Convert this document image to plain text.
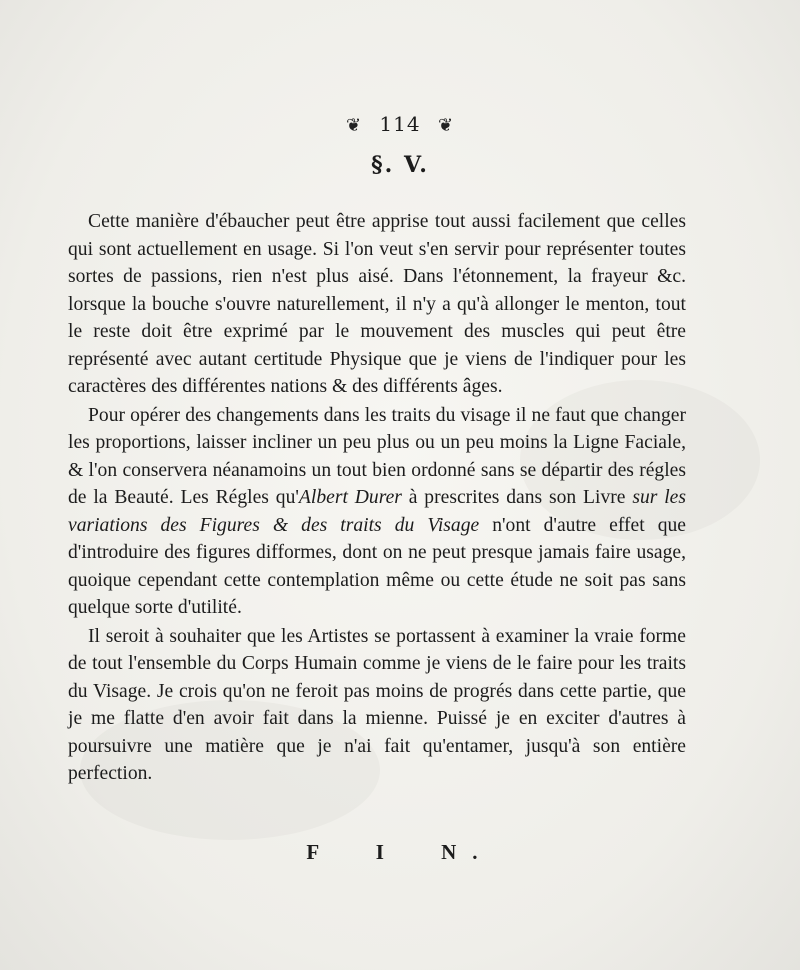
❦ 114 ❦
§. V.

Cette manière d'ébaucher peut être apprise tout aussi facilement que celles qui sont actuellement en usage. Si l'on veut s'en servir pour représenter toutes sortes de passions, rien n'est plus aisé. Dans l'étonnement, la frayeur &c. lorsque la bouche s'ouvre naturellement, il n'y a qu'à allonger le menton, tout le reste doit être exprimé par le mouvement des muscles qui peut être représenté avec autant certitude Physique que je viens de l'indiquer pour les caractères des différentes nations & des différents âges.

Pour opérer des changements dans les traits du visage il ne faut que changer les proportions, laisser incliner un peu plus ou un peu moins la Ligne Faciale, & l'on conservera néanamoins un tout bien ordonné sans se départir des régles de la Beauté. Les Régles qu'Albert Durer à prescrites dans son Livre sur les variations des Figures & des traits du Visage n'ont d'autre effet que d'introduire des figures difformes, dont on ne peut presque jamais faire usage, quoique cependant cette contemplation même ou cette étude ne soit pas sans quelque sorte d'utilité.

Il seroit à souhaiter que les Artistes se portassent à examiner la vraie forme de tout l'ensemble du Corps Humain comme je viens de le faire pour les traits du Visage. Je crois qu'on ne feroit pas moins de progrés dans cette partie, que je me flatte d'en avoir fait dans la mienne. Puissé je en exciter d'autres à poursuivre une matière que je n'ai fait qu'entamer, jusqu'à son entière perfection.

F I N.
